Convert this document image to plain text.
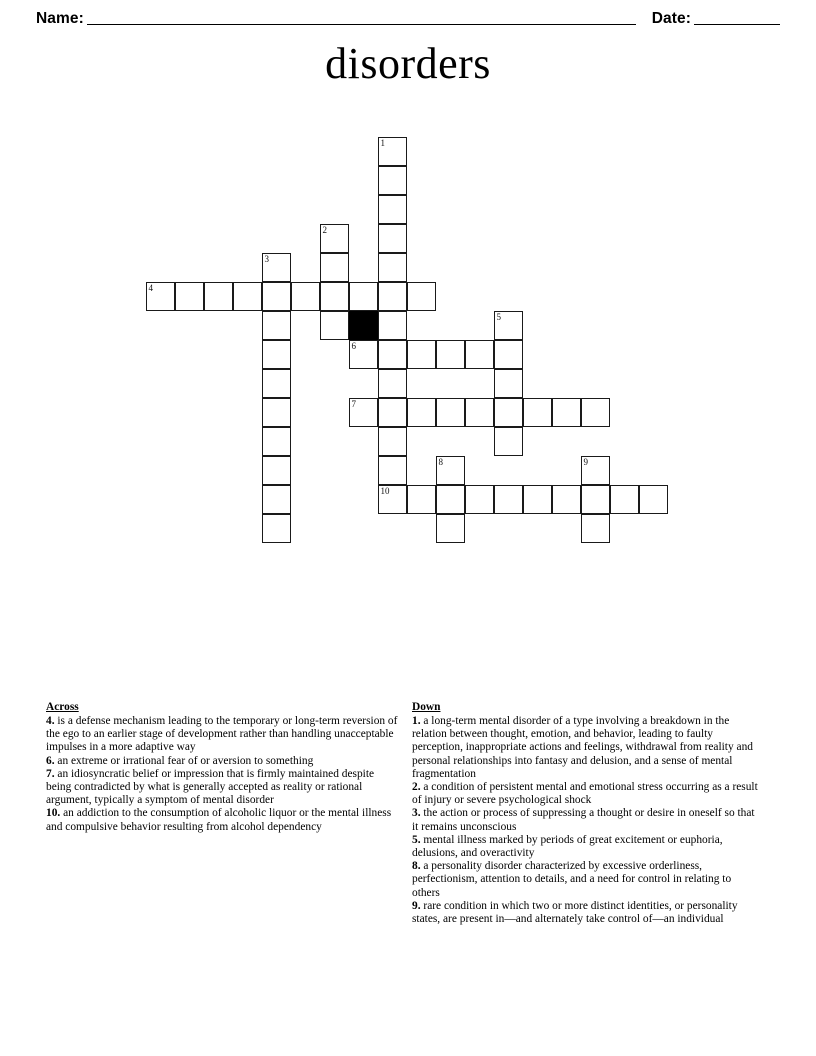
Name:	Date:
disorders
1
2
3
4
5
6
7
8	9
10
Across
4. is a defense mechanism leading to the temporary or long-term reversion of the ego to an earlier stage of development rather than handling unacceptable impulses in a more adaptive way
6. an extreme or irrational fear of or aversion to something
7. an idiosyncratic belief or impression that is firmly maintained despite being contradicted by what is generally accepted as reality or rational argument, typically a symptom of mental disorder
10. an addiction to the consumption of alcoholic liquor or the mental illness and compulsive behavior resulting from alcohol dependency
Down
1. a long-term mental disorder of a type involving a breakdown in the relation between thought, emotion, and behavior, leading to faulty perception, inappropriate actions and feelings, withdrawal from reality and personal relationships into fantasy and delusion, and a sense of mental fragmentation
2. a condition of persistent mental and emotional stress occurring as a result of injury or severe psychological shock
3. the action or process of suppressing a thought or desire in oneself so that it remains unconscious
5. mental illness marked by periods of great excitement or euphoria, delusions, and overactivity
8. a personality disorder characterized by excessive orderliness, perfectionism, attention to details, and a need for control in relating to others
9. rare condition in which two or more distinct identities, or personality states, are present in—and alternately take control of—an individual
